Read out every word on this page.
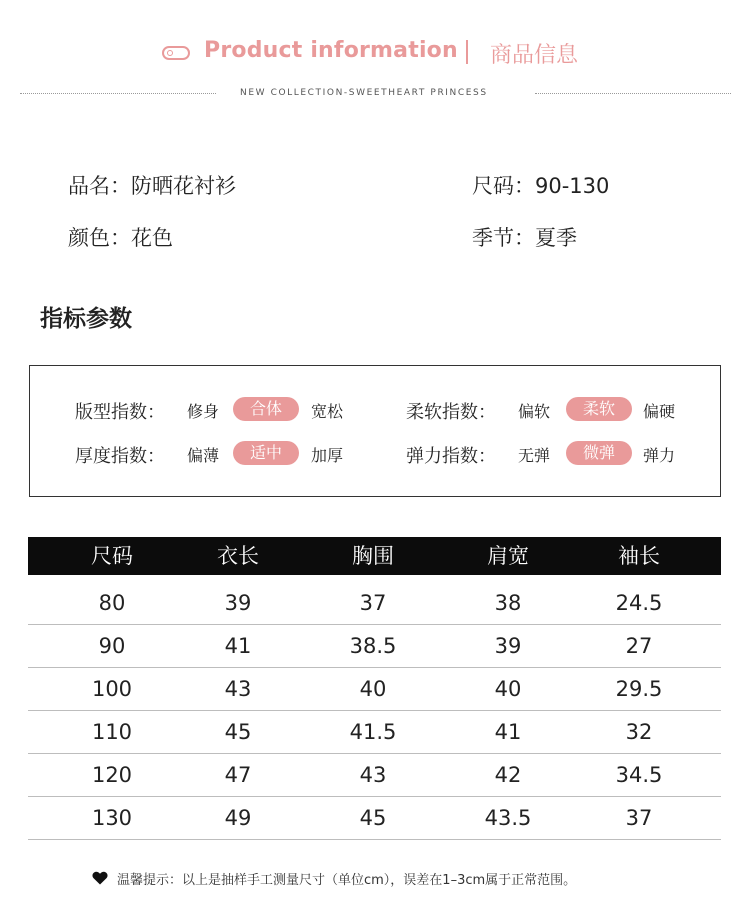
Product information 商品信息
NEW COLLECTION-SWEETHEART PRINCESS
品名：防晒花衬衫	尺码：90-130
颜色：花色	季节：夏季
指标参数
版型指数： 修身	合体	宽松	柔软指数： 偏软	柔软	偏硬
厚度指数： 偏薄	适中	加厚	弹力指数： 无弹	微弹	弹力
尺码	衣长	胸围	肩宽	袖长
80	39	37	38	24.5
90	41	38.5	39	27
100	43	40	40	29.5
110	45	41.5	41	32
120	47	43	42	34.5
130	49	45	43.5	37
温馨提示：以上是抽样手工测量尺寸（单位cm），误差在1–3cm属于正常范围。
